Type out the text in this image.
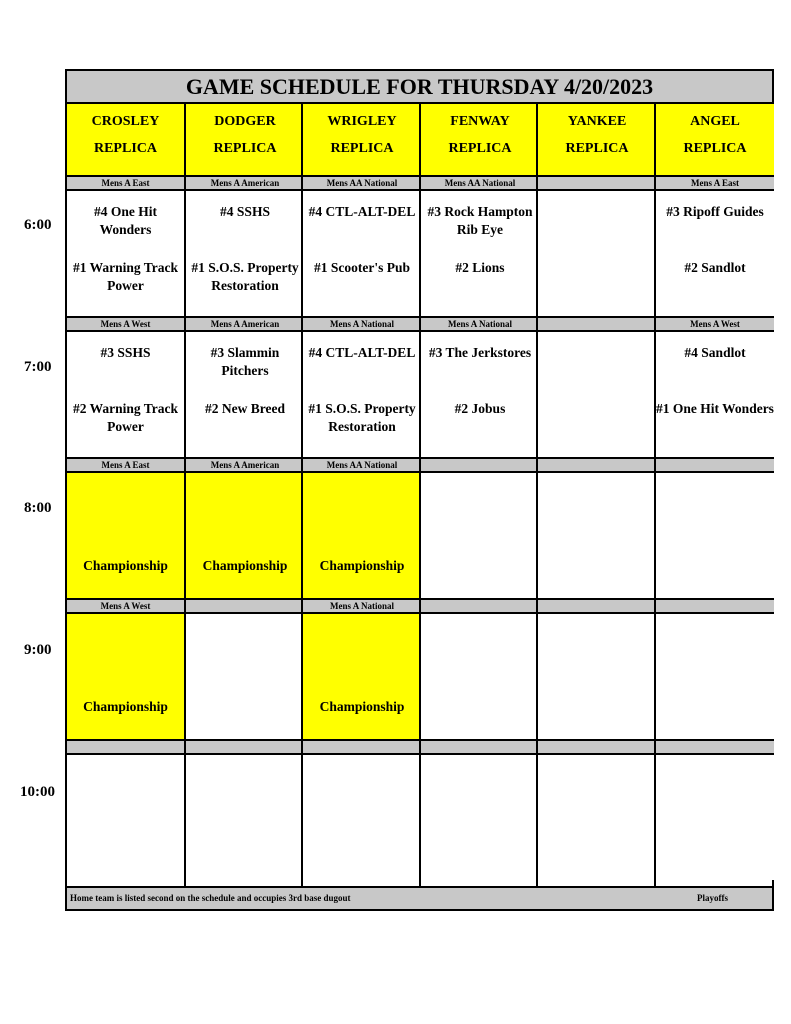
6:00
7:00
8:00
9:00
10:00
GAME SCHEDULE FOR THURSDAY 4/20/2023
CROSLEY
REPLICA
Mens A East
#4 One Hit Wonders
#1 Warning Track Power
Mens A West
#3 SSHS
#2 Warning Track Power
Mens A East
Championship
Mens A West
Championship
DODGER
REPLICA
Mens A American
#4 SSHS
#1 S.O.S. Property Restoration
Mens A American
#3 Slammin Pitchers
#2 New Breed
Mens A American
Championship
WRIGLEY
REPLICA
Mens AA National
#4 CTL-ALT-DEL
#1 Scooter's Pub
Mens A National
#4 CTL-ALT-DEL
#1 S.O.S. Property Restoration
Mens AA National
Championship
Mens A National
Championship
FENWAY
REPLICA
Mens AA National
#3 Rock Hampton Rib Eye
#2 Lions
Mens A National
#3 The Jerkstores
#2 Jobus
YANKEE
REPLICA
ANGEL
REPLICA
Mens A East
#3 Ripoff Guides
#2 Sandlot
Mens A West
#4 Sandlot
#1 One Hit Wonders
Home team is listed second on the schedule and occupies 3rd base dugout	Playoffs
